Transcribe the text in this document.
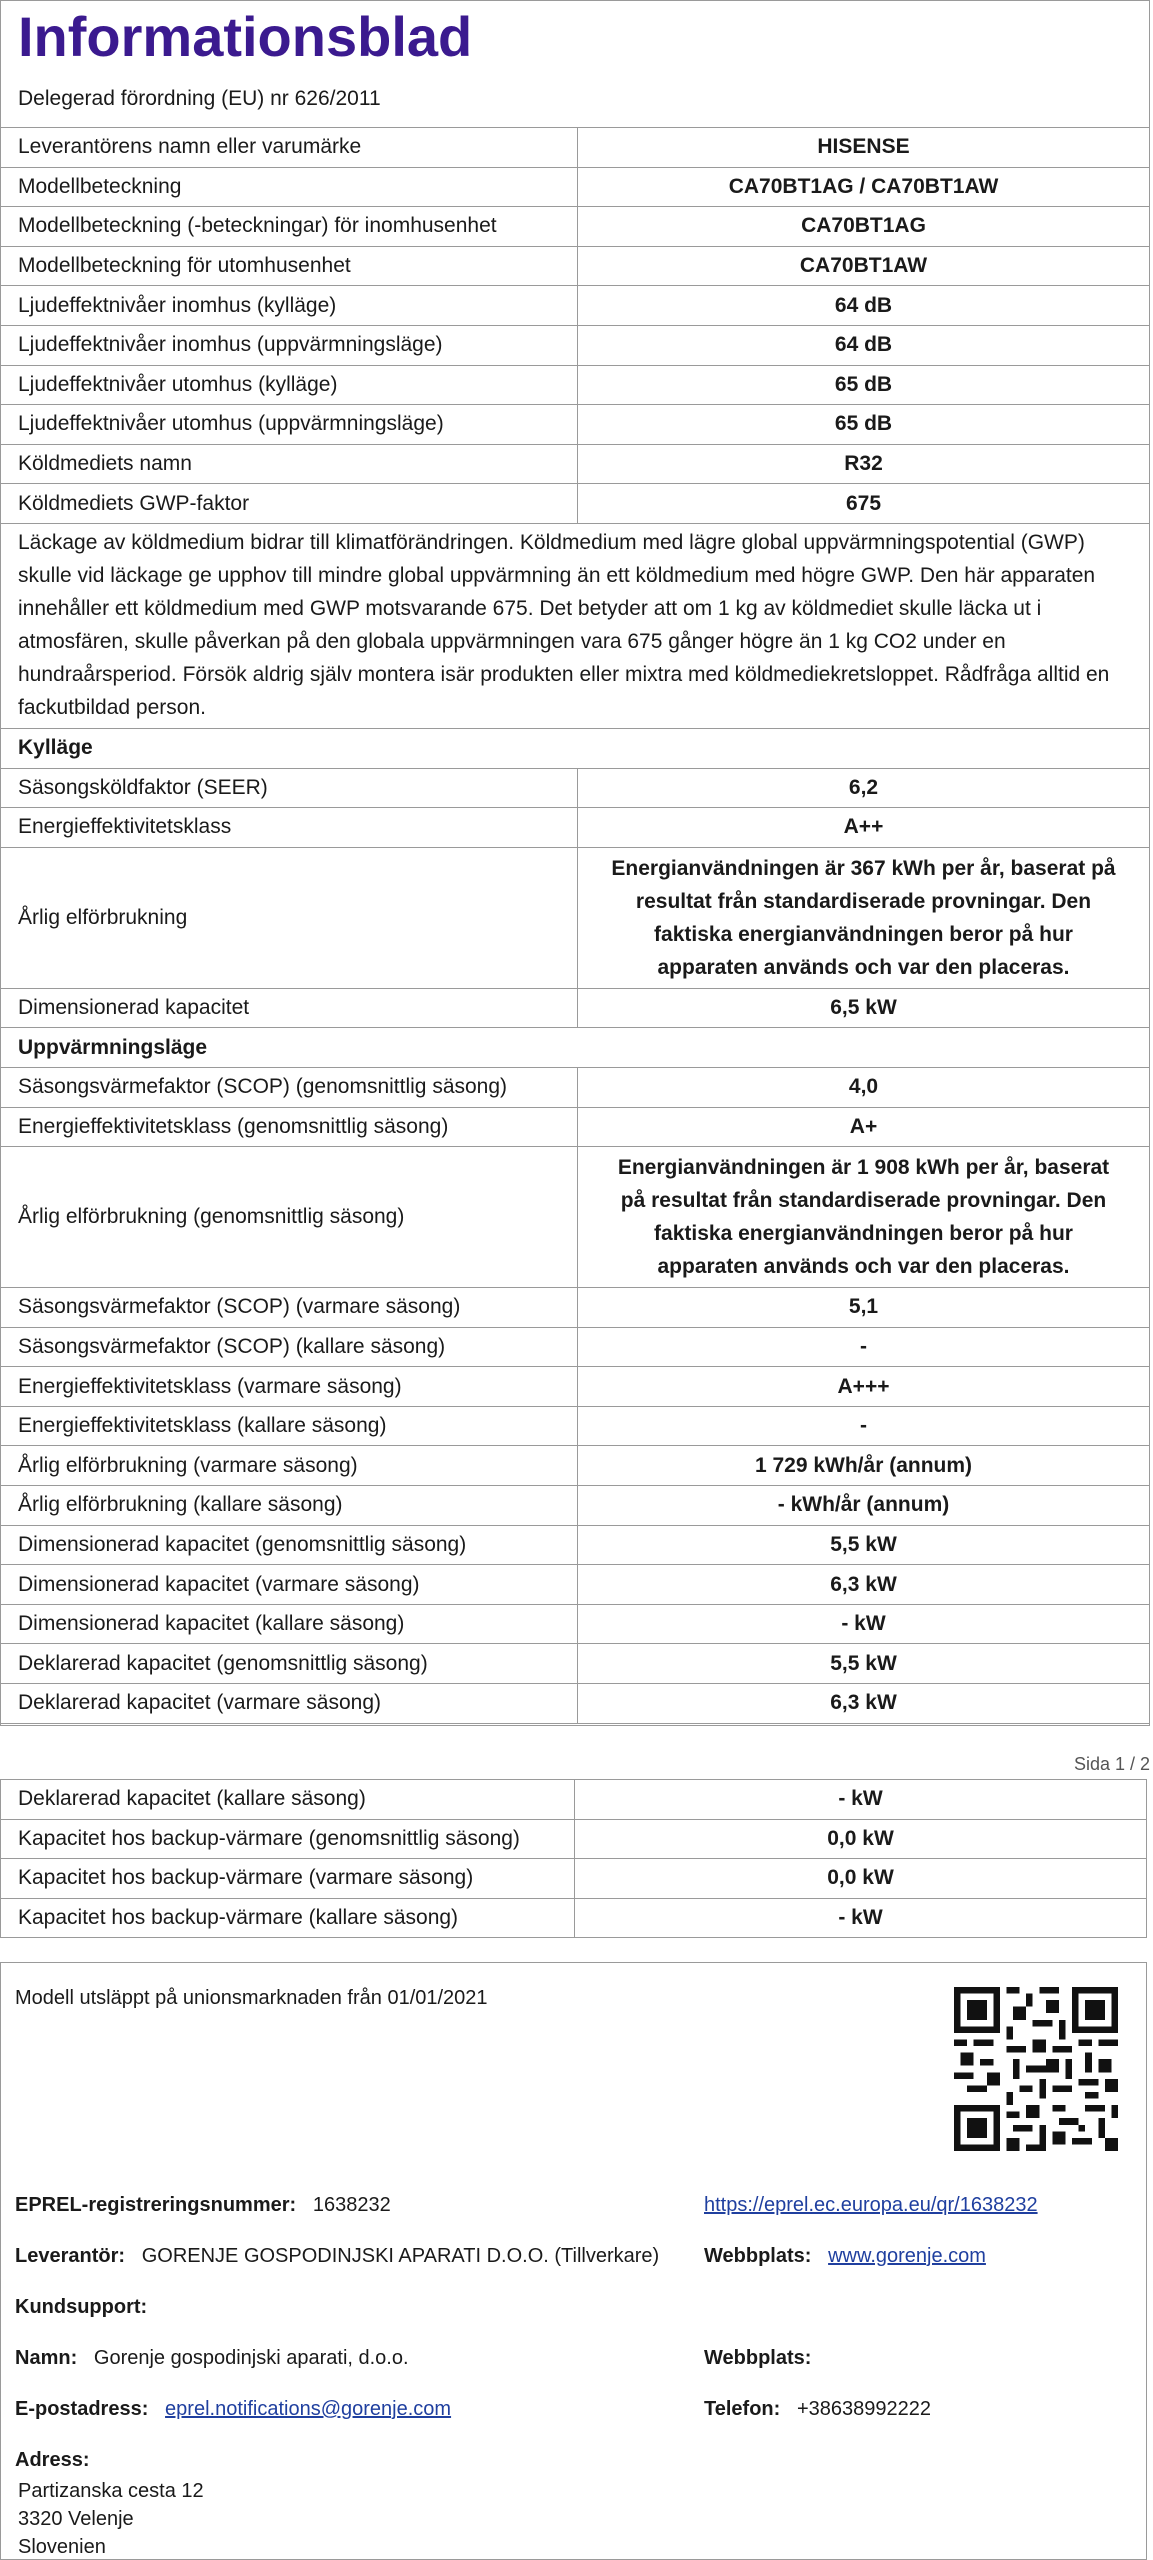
Informationsblad
Delegerad förordning (EU) nr 626/2011
Leverantörens namn eller varumärke	HISENSE
Modellbeteckning	CA70BT1AG / CA70BT1AW
Modellbeteckning (-beteckningar) för inomhusenhet	CA70BT1AG
Modellbeteckning för utomhusenhet	CA70BT1AW
Ljudeffektnivåer inomhus (kylläge)	64 dB
Ljudeffektnivåer inomhus (uppvärmningsläge)	64 dB
Ljudeffektnivåer utomhus (kylläge)	65 dB
Ljudeffektnivåer utomhus (uppvärmningsläge)	65 dB
Köldmediets namn	R32
Köldmediets GWP-faktor	675
Läckage av köldmedium bidrar till klimatförändringen. Köldmedium med lägre global uppvärmningspotential (GWP) skulle vid läckage ge upphov till mindre global uppvärmning än ett köldmedium med högre GWP. Den här apparaten innehåller ett köldmedium med GWP motsvarande 675. Det betyder att om 1 kg av köldmediet skulle läcka ut i atmosfären, skulle påverkan på den globala uppvärmningen vara 675 gånger högre än 1 kg CO2 under en hundraårsperiod. Försök aldrig själv montera isär produkten eller mixtra med köldmediekretsloppet. Rådfråga alltid en fackutbildad person.	
Kylläge	
Säsongsköldfaktor (SEER)	6,2
Energieffektivitetsklass	A++
Årlig elförbrukning	Energianvändningen är 367 kWh per år, baserat på resultat från standardiserade provningar. Den faktiska energianvändningen beror på hur apparaten används och var den placeras.
Dimensionerad kapacitet	6,5 kW
Uppvärmningsläge	
Säsongsvärmefaktor (SCOP) (genomsnittlig säsong)	4,0
Energieffektivitetsklass (genomsnittlig säsong)	A+
Årlig elförbrukning (genomsnittlig säsong)	Energianvändningen är 1 908 kWh per år, baserat på resultat från standardiserade provningar. Den faktiska energianvändningen beror på hur apparaten används och var den placeras.
Säsongsvärmefaktor (SCOP) (varmare säsong)	5,1
Säsongsvärmefaktor (SCOP) (kallare säsong)	-
Energieffektivitetsklass (varmare säsong)	A+++
Energieffektivitetsklass (kallare säsong)	-
Årlig elförbrukning (varmare säsong)	1 729 kWh/år (annum)
Årlig elförbrukning (kallare säsong)	- kWh/år (annum)
Dimensionerad kapacitet (genomsnittlig säsong)	5,5 kW
Dimensionerad kapacitet (varmare säsong)	6,3 kW
Dimensionerad kapacitet (kallare säsong)	- kW
Deklarerad kapacitet (genomsnittlig säsong)	5,5 kW
Deklarerad kapacitet (varmare säsong)	6,3 kW
Sida 1 / 2
Deklarerad kapacitet (kallare säsong)	- kW
Kapacitet hos backup-värmare (genomsnittlig säsong)	0,0 kW
Kapacitet hos backup-värmare (varmare säsong)	0,0 kW
Kapacitet hos backup-värmare (kallare säsong)	- kW
Modell utsläppt på unionsmarknaden från 01/01/2021
EPREL-registreringsnummer: 1638232	https://eprel.ec.europa.eu/qr/1638232
Leverantör: GORENJE GOSPODINJSKI APARATI D.O.O. (Tillverkare) Webbplats: www.gorenje.com
Kundsupport:
Namn: Gorenje gospodinjski aparati, d.o.o.	Webbplats:
E-postadress: eprel.notifications@gorenje.com	Telefon: +38638992222
Adress:
Partizanska cesta 12
3320 Velenje
Slovenien
